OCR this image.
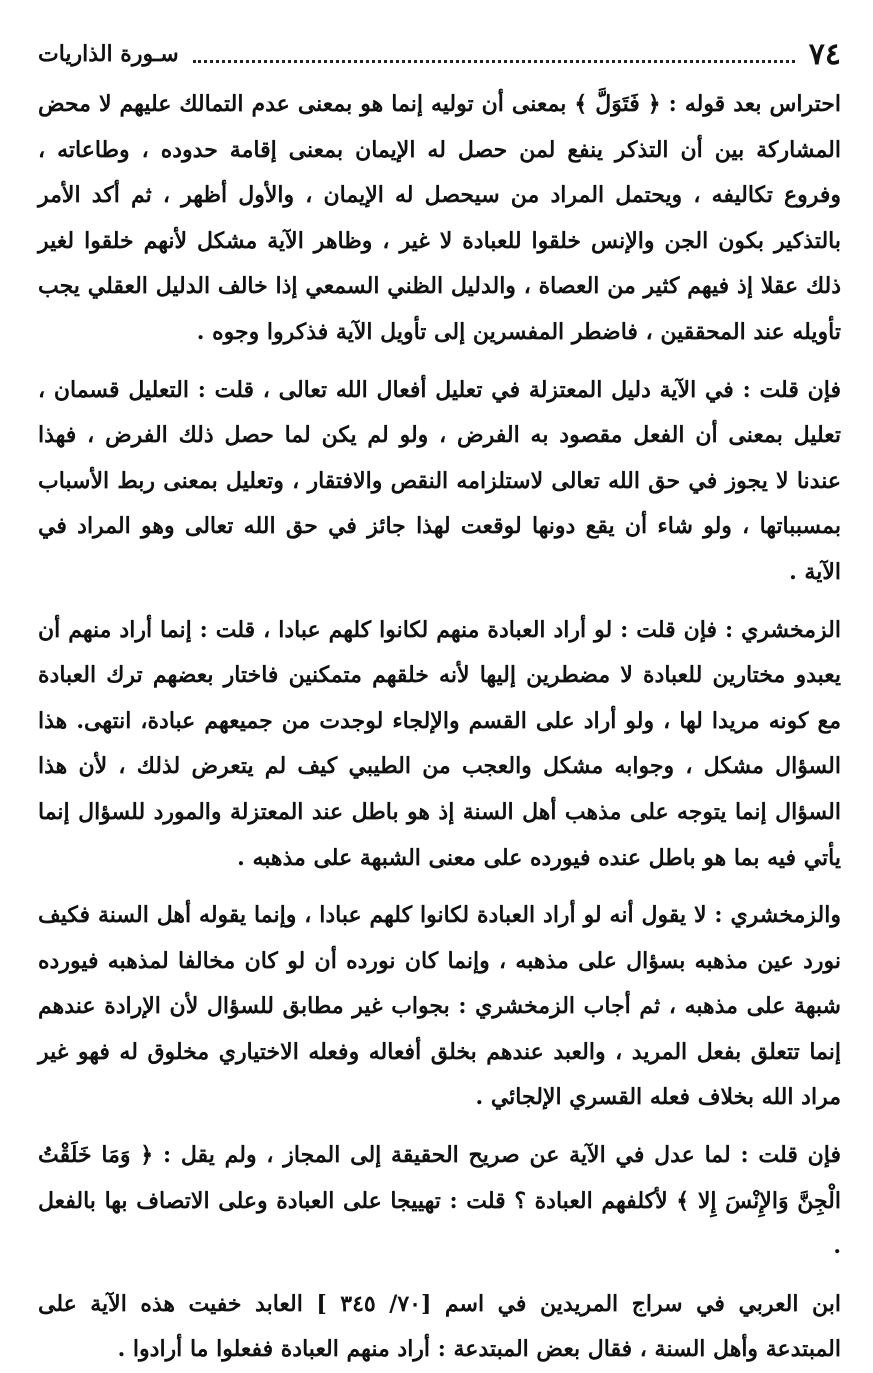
٧٤
سـورة الذاريات

احتراس بعد قوله : ﴿ فَتَوَلَّ ﴾ بمعنى أن توليه إنما هو بمعنى عدم التمالك عليهم لا محض المشاركة بين أن التذكر ينفع لمن حصل له الإيمان بمعنى إقامة حدوده ، وطاعاته ، وفروع تكاليفه ، ويحتمل المراد من سيحصل له الإيمان ، والأول أظهر ، ثم أكد الأمر بالتذكير بكون الجن والإنس خلقوا للعبادة لا غير ، وظاهر الآية مشكل لأنهم خلقوا لغير ذلك عقلا إذ فيهم كثير من العصاة ، والدليل الظني السمعي إذا خالف الدليل العقلي يجب تأويله عند المحققين ، فاضطر المفسرين إلى تأويل الآية فذكروا وجوه .

فإن قلت : في الآية دليل المعتزلة في تعليل أفعال الله تعالى ، قلت : التعليل قسمان ، تعليل بمعنى أن الفعل مقصود به الفرض ، ولو لم يكن لما حصل ذلك الفرض ، فهذا عندنا لا يجوز في حق الله تعالى لاستلزامه النقص والافتقار ، وتعليل بمعنى ربط الأسباب بمسبباتها ، ولو شاء أن يقع دونها لوقعت لهذا جائز في حق الله تعالى وهو المراد في الآية .

الزمخشري : فإن قلت : لو أراد العبادة منهم لكانوا كلهم عبادا ، قلت : إنما أراد منهم أن يعبدو مختارين للعبادة لا مضطرين إليها لأنه خلقهم متمكنين فاختار بعضهم ترك العبادة مع كونه مريدا لها ، ولو أراد على القسم والإلجاء لوجدت من جميعهم عبادة، انتهى. هذا السؤال مشكل ، وجوابه مشكل والعجب من الطيبي كيف لم يتعرض لذلك ، لأن هذا السؤال إنما يتوجه على مذهب أهل السنة إذ هو باطل عند المعتزلة والمورد للسؤال إنما يأتي فيه بما هو باطل عنده فيورده على معنى الشبهة على مذهبه .

والزمخشري : لا يقول أنه لو أراد العبادة لكانوا كلهم عبادا ، وإنما يقوله أهل السنة فكيف نورد عين مذهبه بسؤال على مذهبه ، وإنما كان نورده أن لو كان مخالفا لمذهبه فيورده شبهة على مذهبه ، ثم أجاب الزمخشري : بجواب غير مطابق للسؤال لأن الإرادة عندهم إنما تتعلق بفعل المريد ، والعبد عندهم بخلق أفعاله وفعله الاختياري مخلوق له فهو غير مراد الله بخلاف فعله القسري الإلجائي .

فإن قلت : لما عدل في الآية عن صريح الحقيقة إلى المجاز ، ولم يقل : ﴿ وَمَا خَلَقْتُ الْجِنَّ وَالإِنْسَ إِلا ﴾ لأكلفهم العبادة ؟ قلت : تهييجا على العبادة وعلى الاتصاف بها بالفعل .

ابن العربي في سراج المريدين في اسم [٧٠/ ٣٤٥ ] العابد خفيت هذه الآية على المبتدعة وأهل السنة ، فقال بعض المبتدعة : أراد منهم العبادة ففعلوا ما أرادوا .
